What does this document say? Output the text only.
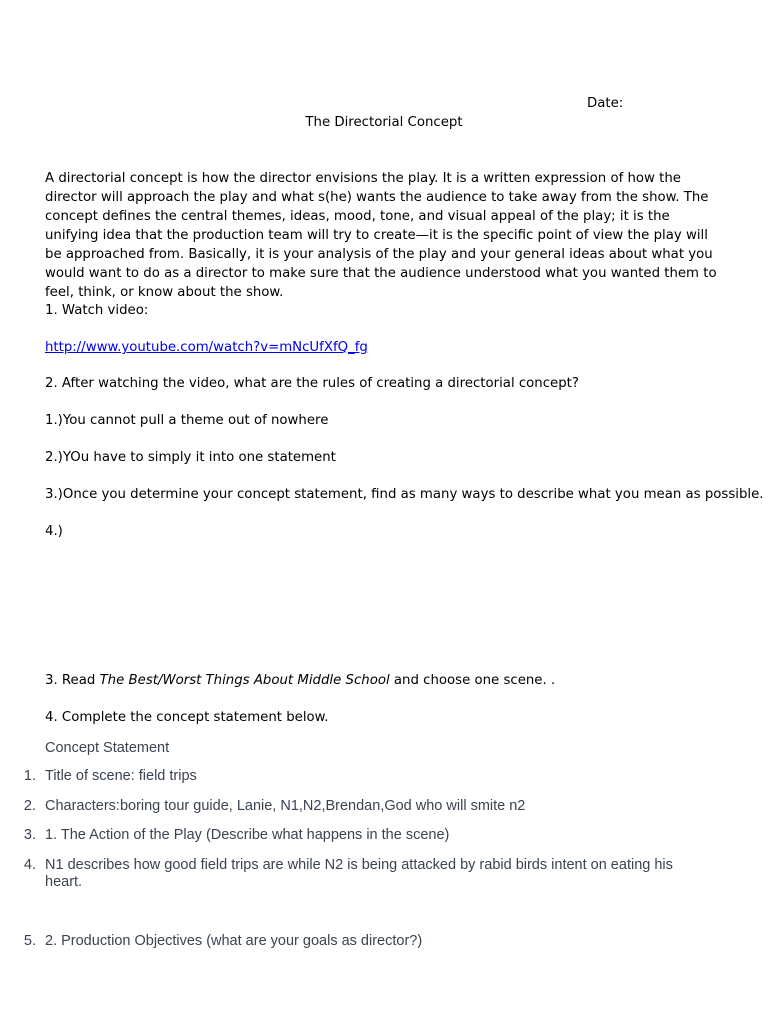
Date:
The Directorial Concept
A directorial concept is how the director envisions the play. It is a written expression of how the director will approach the play and what s(he) wants the audience to take away from the show. The concept defines the central themes, ideas, mood, tone, and visual appeal of the play; it is the unifying idea that the production team will try to create—it is the specific point of view the play will be approached from. Basically, it is your analysis of the play and your general ideas about what you would want to do as a director to make sure that the audience understood what you wanted them to feel, think, or know about the show.
1. Watch video:
http://www.youtube.com/watch?v=mNcUfXfQ_fg
2. After watching the video, what are the rules of creating a directorial concept?
1.)You cannot pull a theme out of nowhere
2.)YOu have to simply it into one statement
3.)Once you determine your concept statement, find as many ways to describe what you mean as possible.
4.)
3. Read The Best/Worst Things About Middle School and choose one scene. .
4. Complete the concept statement below.
Concept Statement
1. Title of scene: field trips
2. Characters:boring tour guide, Lanie, N1,N2,Brendan,God who will smite n2
3. 1. The Action of the Play (Describe what happens in the scene)
4. N1 describes how good field trips are while N2 is being attacked by rabid birds intent on eating his heart.
5. 2. Production Objectives (what are your goals as director?)
